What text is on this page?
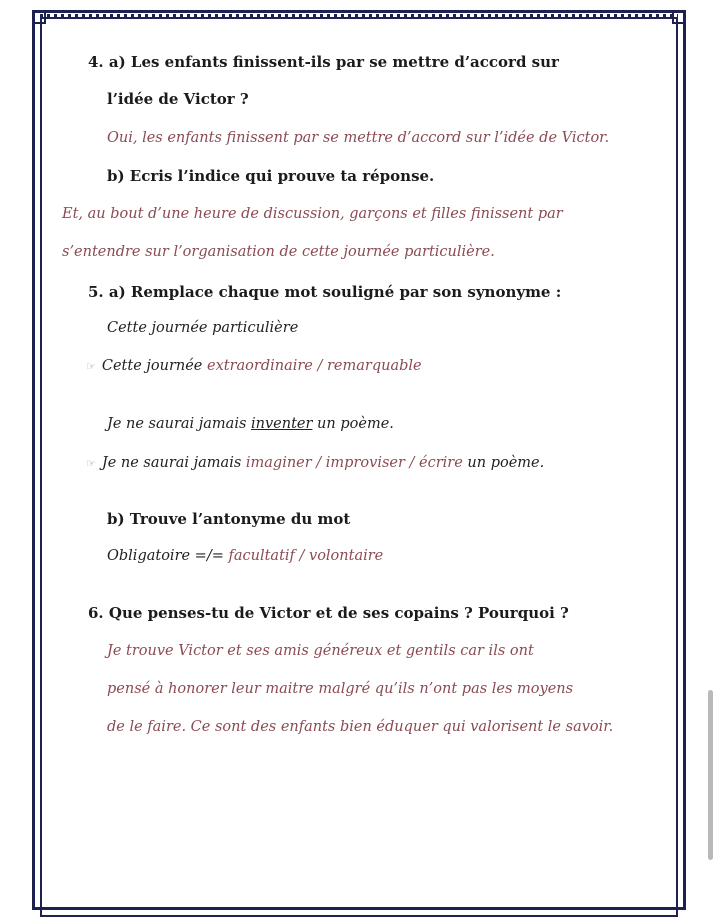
4. a) Les enfants finissent-ils par se mettre d’accord sur
l’idée de Victor ?
Oui, les enfants finissent par se mettre d’accord sur l’idée de Victor.
b) Ecris l’indice qui prouve ta réponse.
Et, au bout d’une heure de discussion, garçons et filles finissent par
s’entendre sur l’organisation de cette journée particulière.
5. a) Remplace chaque mot souligné par son synonyme :
Cette journée particulière
☞ Cette journée extraordinaire / remarquable
Je ne saurai jamais inventer un poème.
☞ Je ne saurai jamais imaginer / improviser / écrire un poème.
b) Trouve l’antonyme du mot
Obligatoire =/= facultatif / volontaire
6. Que penses-tu de Victor et de ses copains ? Pourquoi ?
Je trouve Victor et ses amis généreux et gentils car ils ont
pensé à honorer leur maitre malgré qu’ils n’ont pas les moyens
de le faire. Ce sont des enfants bien éduquer qui valorisent le savoir.
